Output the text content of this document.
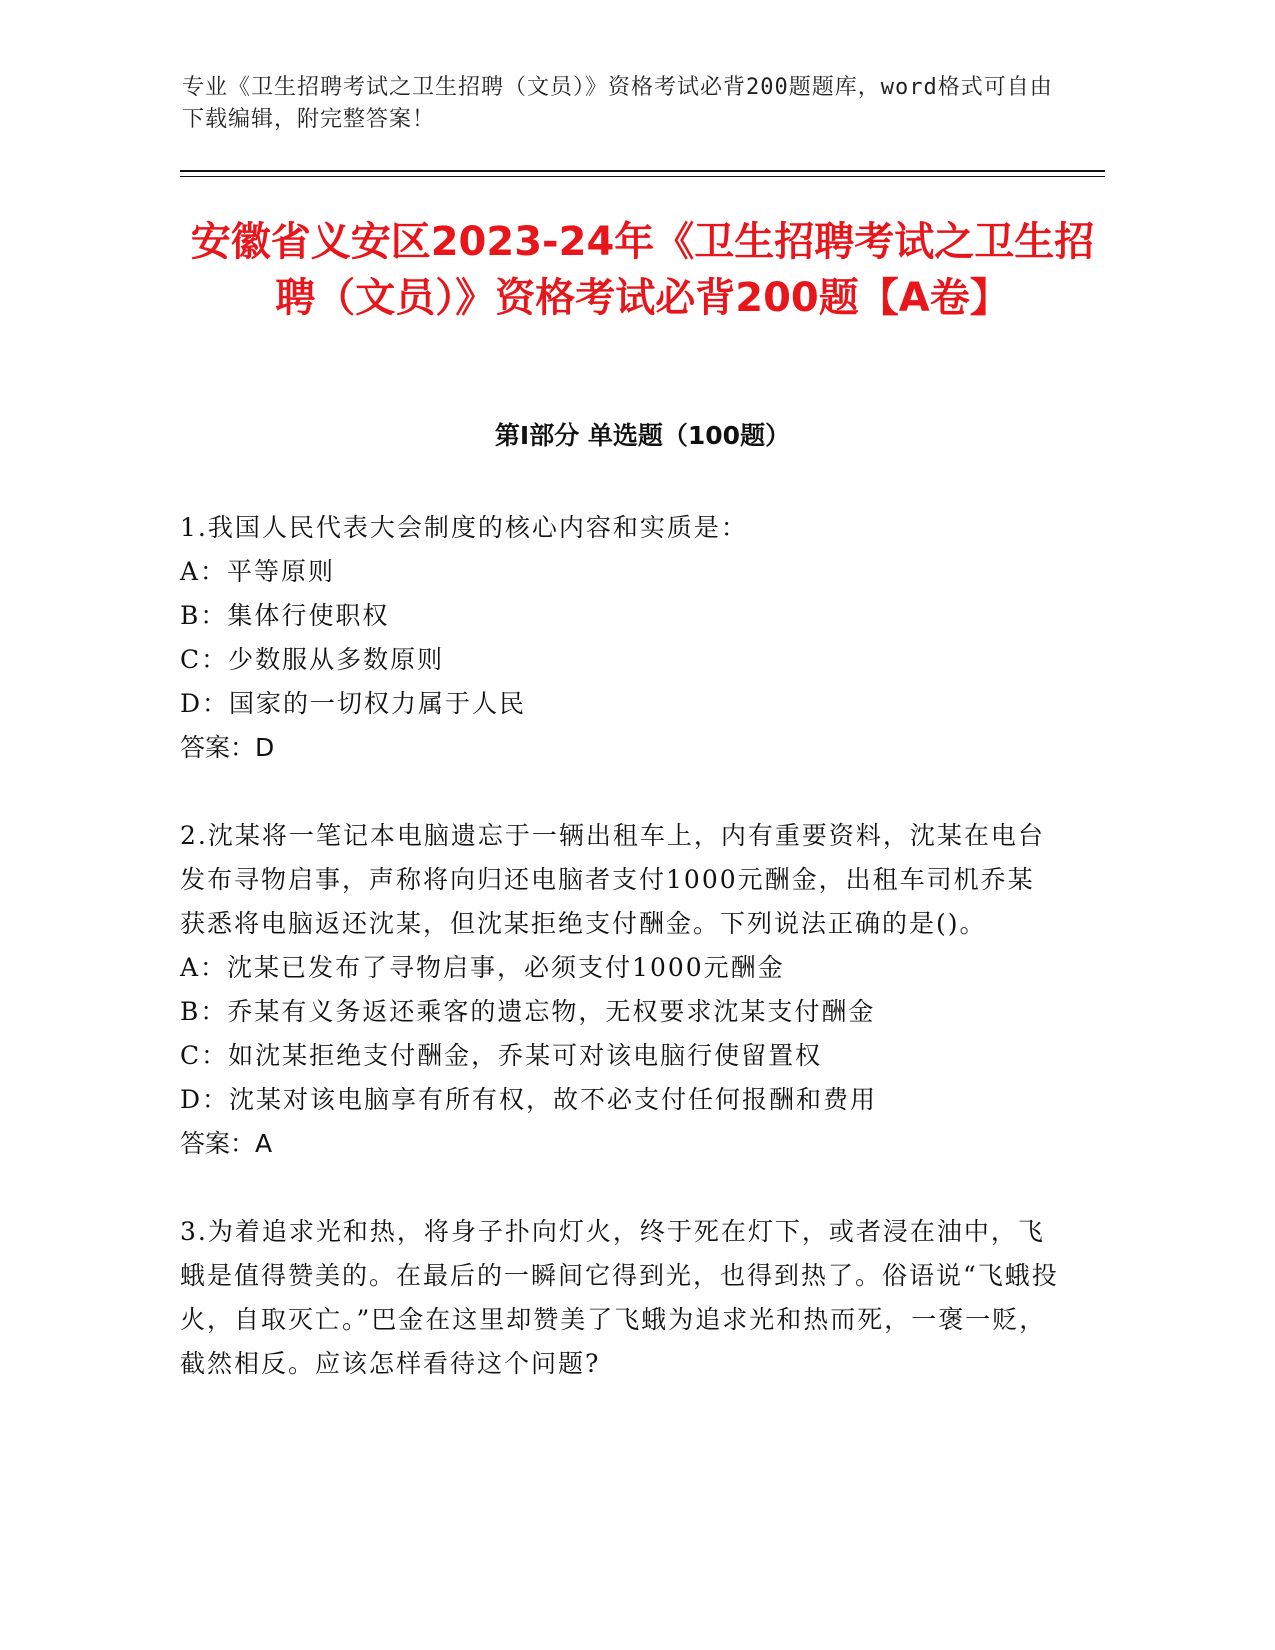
专业《卫生招聘考试之卫生招聘（文员）》资格考试必背200题题库，word格式可自由下载编辑，附完整答案！
安徽省义安区2023-24年《卫生招聘考试之卫生招聘（文员）》资格考试必背200题【A卷】
第Ⅰ部分 单选题（100题）

1.我国人民代表大会制度的核心内容和实质是：

A：平等原则

B：集体行使职权

C：少数服从多数原则

D：国家的一切权力属于人民

答案：D

2.沈某将一笔记本电脑遗忘于一辆出租车上，内有重要资料，沈某在电台发布寻物启事，声称将向归还电脑者支付1000元酬金，出租车司机乔某获悉将电脑返还沈某，但沈某拒绝支付酬金。下列说法正确的是()。

A：沈某已发布了寻物启事，必须支付1000元酬金

B：乔某有义务返还乘客的遗忘物，无权要求沈某支付酬金

C：如沈某拒绝支付酬金，乔某可对该电脑行使留置权

D：沈某对该电脑享有所有权，故不必支付任何报酬和费用

答案：A

3.为着追求光和热，将身子扑向灯火，终于死在灯下，或者浸在油中，飞蛾是值得赞美的。在最后的一瞬间它得到光，也得到热了。俗语说“飞蛾投火，自取灭亡。”巴金在这里却赞美了飞蛾为追求光和热而死，一褒一贬，截然相反。应该怎样看待这个问题?
